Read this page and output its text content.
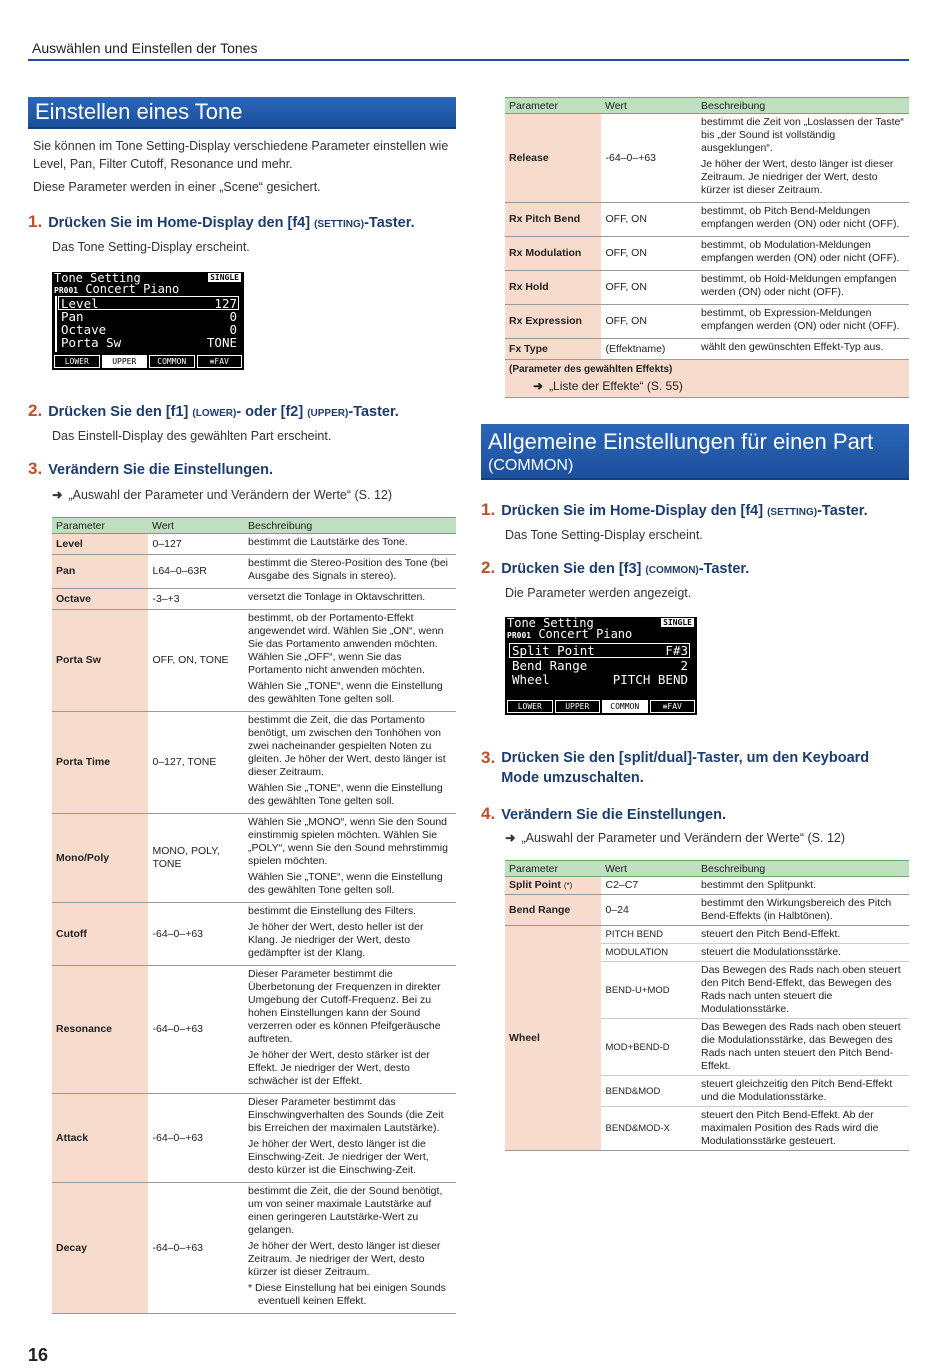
Auswählen und Einstellen der Tones
Einstellen eines Tone
Sie können im Tone Setting-Display verschiedene Parameter einstellen wie Level, Pan, Filter Cutoff, Resonance und mehr.
Diese Parameter werden in einer „Scene“ gesichert.
1. Drücken Sie im Home-Display den [f4] (SETTING)-Taster.
Das Tone Setting-Display erscheint.
Tone Setting	SINGLE
PR001 Concert Piano
Level	127
Pan	0
Octave	0
Porta Sw	TONE
LOWER	UPPER	COMMON	≡FAV
2. Drücken Sie den [f1] (LOWER)- oder [f2] (UPPER)-Taster.
Das Einstell-Display des gewählten Part erscheint.
3. Verändern Sie die Einstellungen.
➜ „Auswahl der Parameter und Verändern der Werte“ (S. 12)
Parameter	Wert	Beschreibung
Level	0–127	bestimmt die Lautstärke des Tone.

Pan	L64–0–63R	bestimmt die Stereo-Position des Tone (bei Ausgabe des Signals in stereo).

Octave	-3–+3	versetzt die Tonlage in Oktavschritten.

Porta Sw	OFF, ON, TONE	bestimmt, ob der Portamento-Effekt angewendet wird. Wählen Sie „ON“, wenn Sie das Portamento anwenden möchten. Wählen Sie „OFF“, wenn Sie das Portamento nicht anwenden möchten.

Wählen Sie „TONE“, wenn die Einstellung des gewählten Tone gelten soll.

Porta Time	0–127, TONE	bestimmt die Zeit, die das Portamento benötigt, um zwischen den Tonhöhen von zwei nacheinander gespielten Noten zu gleiten. Je höher der Wert, desto länger ist dieser Zeitraum.

Wählen Sie „TONE“, wenn die Einstellung des gewählten Tone gelten soll.

Mono/Poly	MONO, POLY, TONE	Wählen Sie „MONO“, wenn Sie den Sound einstimmig spielen möchten. Wählen Sie „POLY“, wenn Sie den Sound mehrstimmig spielen möchten.

Wählen Sie „TONE“, wenn die Einstellung des gewählten Tone gelten soll.

Cutoff	-64–0–+63	bestimmt die Einstellung des Filters.

Je höher der Wert, desto heller ist der Klang. Je niedriger der Wert, desto gedämpfter ist der Klang.

Resonance	-64–0–+63	Dieser Parameter bestimmt die Überbetonung der Frequenzen in direkter Umgebung der Cutoff-Frequenz. Bei zu hohen Einstellungen kann der Sound verzerren oder es können Pfeifgeräusche auftreten.

Je höher der Wert, desto stärker ist der Effekt. Je niedriger der Wert, desto schwächer ist der Effekt.

Attack	-64–0–+63	Dieser Parameter bestimmt das Einschwingverhalten des Sounds (die Zeit bis Erreichen der maximalen Lautstärke).

Je höher der Wert, desto länger ist die Einschwing-Zeit. Je niedriger der Wert, desto kürzer ist die Einschwing-Zeit.

Decay	-64–0–+63	bestimmt die Zeit, die der Sound benötigt, um von seiner maximale Lautstärke auf einen geringeren Lautstärke-Wert zu gelangen.

Je höher der Wert, desto länger ist dieser Zeitraum. Je niedriger der Wert, desto kürzer ist dieser Zeitraum.

* Diese Einstellung hat bei einigen Sounds eventuell keinen Effekt.

Parameter	Wert	Beschreibung
Release	-64–0–+63	bestimmt die Zeit von „Loslassen der Taste“ bis „der Sound ist vollständig ausgeklungen“.

Je höher der Wert, desto länger ist dieser Zeitraum. Je niedriger der Wert, desto kürzer ist dieser Zeitraum.

Rx Pitch Bend	OFF, ON	bestimmt, ob Pitch Bend-Meldungen empfangen werden (ON) oder nicht (OFF).

Rx Modulation	OFF, ON	bestimmt, ob Modulation-Meldungen empfangen werden (ON) oder nicht (OFF).

Rx Hold	OFF, ON	bestimmt, ob Hold-Meldungen empfangen werden (ON) oder nicht (OFF).

Rx Expression	OFF, ON	bestimmt, ob Expression-Meldungen empfangen werden (ON) oder nicht (OFF).

Fx Type	(Effektname)	wählt den gewünschten Effekt-Typ aus.

(Parameter des gewählten Effekts)		
➜ „Liste der Effekte“ (S. 55)		
Allgemeine Einstellungen für einen Part
(COMMON)
1. Drücken Sie im Home-Display den [f4] (SETTING)-Taster.
Das Tone Setting-Display erscheint.
2. Drücken Sie den [f3] (COMMON)-Taster.
Die Parameter werden angezeigt.
Tone Setting	SINGLE
PR001 Concert Piano
Split Point	F#3
Bend Range	2
Wheel	PITCH BEND
LOWER	UPPER	COMMON	≡FAV
3. Drücken Sie den [split/dual]-Taster, um den Keyboard Mode umzuschalten.
4. Verändern Sie die Einstellungen.
➜ „Auswahl der Parameter und Verändern der Werte“ (S. 12)
Parameter	Wert	Beschreibung
Split Point (*)	C2–C7	bestimmt den Splitpunkt.
Bend Range	0–24	bestimmt den Wirkungsbereich des Pitch Bend-Effekts (in Halbtönen).
Wheel	PITCH BEND	steuert den Pitch Bend-Effekt.
	MODULATION	steuert die Modulationsstärke.
	BEND-U+MOD	Das Bewegen des Rads nach oben steuert den Pitch Bend-Effekt, das Bewegen des Rads nach unten steuert die Modulationsstärke.
	MOD+BEND-D	Das Bewegen des Rads nach oben steuert die Modulationsstärke, das Bewegen des Rads nach unten steuert den Pitch Bend-Effekt.
	BEND&MOD	steuert gleichzeitig den Pitch Bend-Effekt und die Modulationsstärke.
	BEND&MOD-X	steuert den Pitch Bend-Effekt. Ab der maximalen Position des Rads wird die Modulationsstärke gesteuert.
16
